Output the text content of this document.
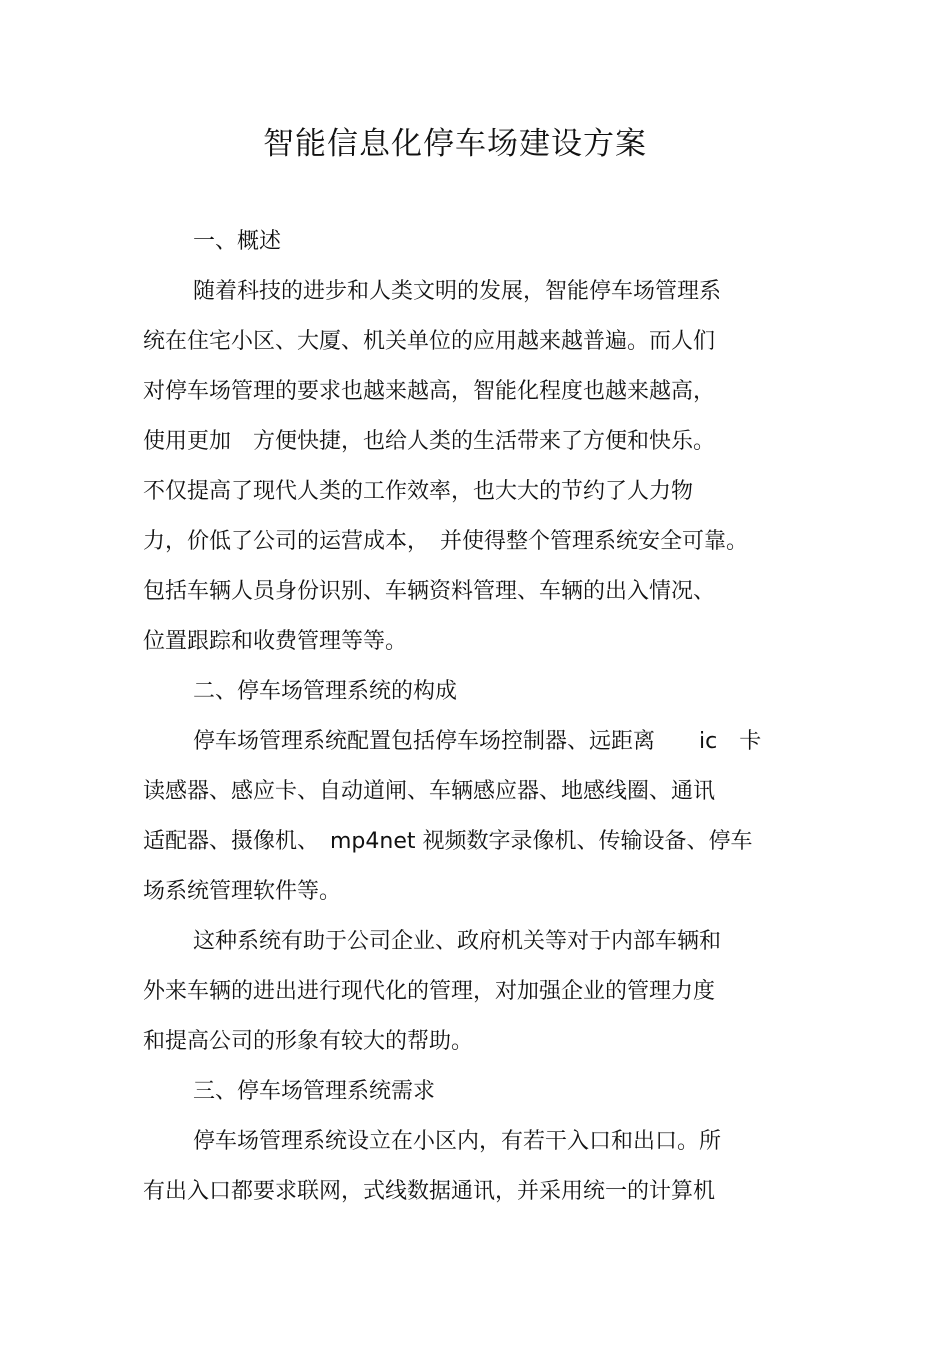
智能信息化停车场建设方案
一、概述
随着科技的进步和人类文明的发展，智能停车场管理系
统在住宅小区、大厦、机关单位的应用越来越普遍。而人们
对停车场管理的要求也越来越高，智能化程度也越来越高，
使用更加　方便快捷，也给人类的生活带来了方便和快乐。
不仅提高了现代人类的工作效率，也大大的节约了人力物
力，价低了公司的运营成本，　并使得整个管理系统安全可靠。
包括车辆人员身份识别、车辆资料管理、车辆的出入情况、
位置跟踪和收费管理等等。
二、停车场管理系统的构成
停车场管理系统配置包括停车场控制器、远距离　　ic　卡
读感器、感应卡、自动道闸、车辆感应器、地感线圈、通讯
适配器、摄像机、　mp4net 视频数字录像机、传输设备、停车
场系统管理软件等。
这种系统有助于公司企业、政府机关等对于内部车辆和
外来车辆的进出进行现代化的管理，对加强企业的管理力度
和提高公司的形象有较大的帮助。
三、停车场管理系统需求
停车场管理系统设立在小区内，有若干入口和出口。所
有出入口都要求联网，式线数据通讯，并采用统一的计算机
